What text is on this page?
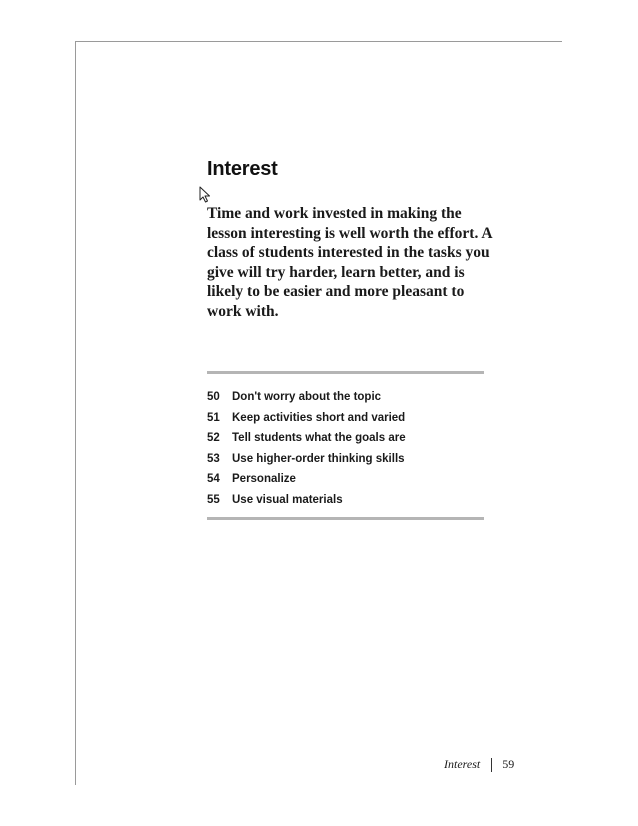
Interest

Time and work invested in making the lesson interesting is well worth the effort. A class of students interested in the tasks you give will try harder, learn better, and is likely to be easier and more pleasant to work with.

50 Don't worry about the topic
51 Keep activities short and varied
52 Tell students what the goals are
53 Use higher-order thinking skills
54 Personalize
55 Use visual materials
Interest 59
